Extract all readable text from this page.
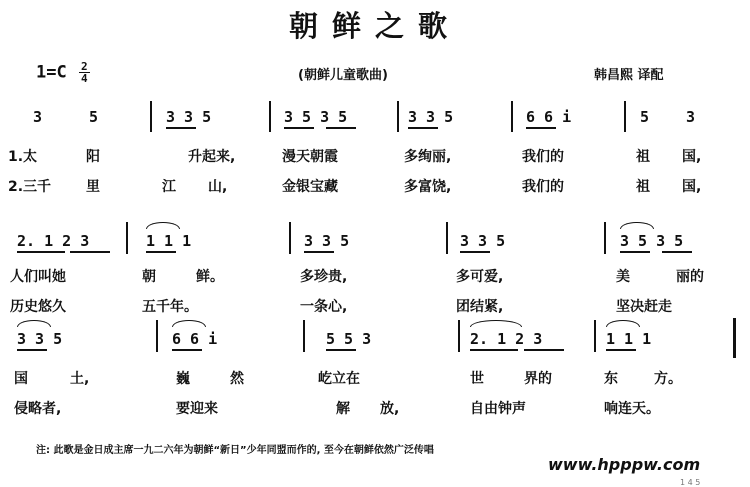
朝鲜之歌
$1=C \frac{2}{4}$	(朝鲜儿童歌曲)	韩昌熙 译配
3	5	3 3 5	3 5 3 5	3 3 5	6 6 i	5 3
1.太	阳	升起来,	漫天朝霞	多绚丽,	我们的	祖 国,
2.三千 里	江 山,	金银宝藏	多富饶,	我们的	祖 国,
2. 1 2 3	1 1 1	3 3 5	3 3 5	3 5 3 5
人们叫她	朝	鲜。	多珍贵,	多可爱,	美	丽的
历史悠久	五千年。	一条心,	团结紧,	坚决赶走
3 3 5	6 6 i	5 5 3	2. 1 2 3	1 1 1
国	土,	巍	然	屹立在	世	界的	东	方。
侵略者,	要迎来	解 放,	自由钟声	响连天。
注: 此歌是金日成主席一九二六年为朝鲜“新日”少年同盟而作的, 至今在朝鲜依然广泛传唱
www.hpppw.com
1 4 5
